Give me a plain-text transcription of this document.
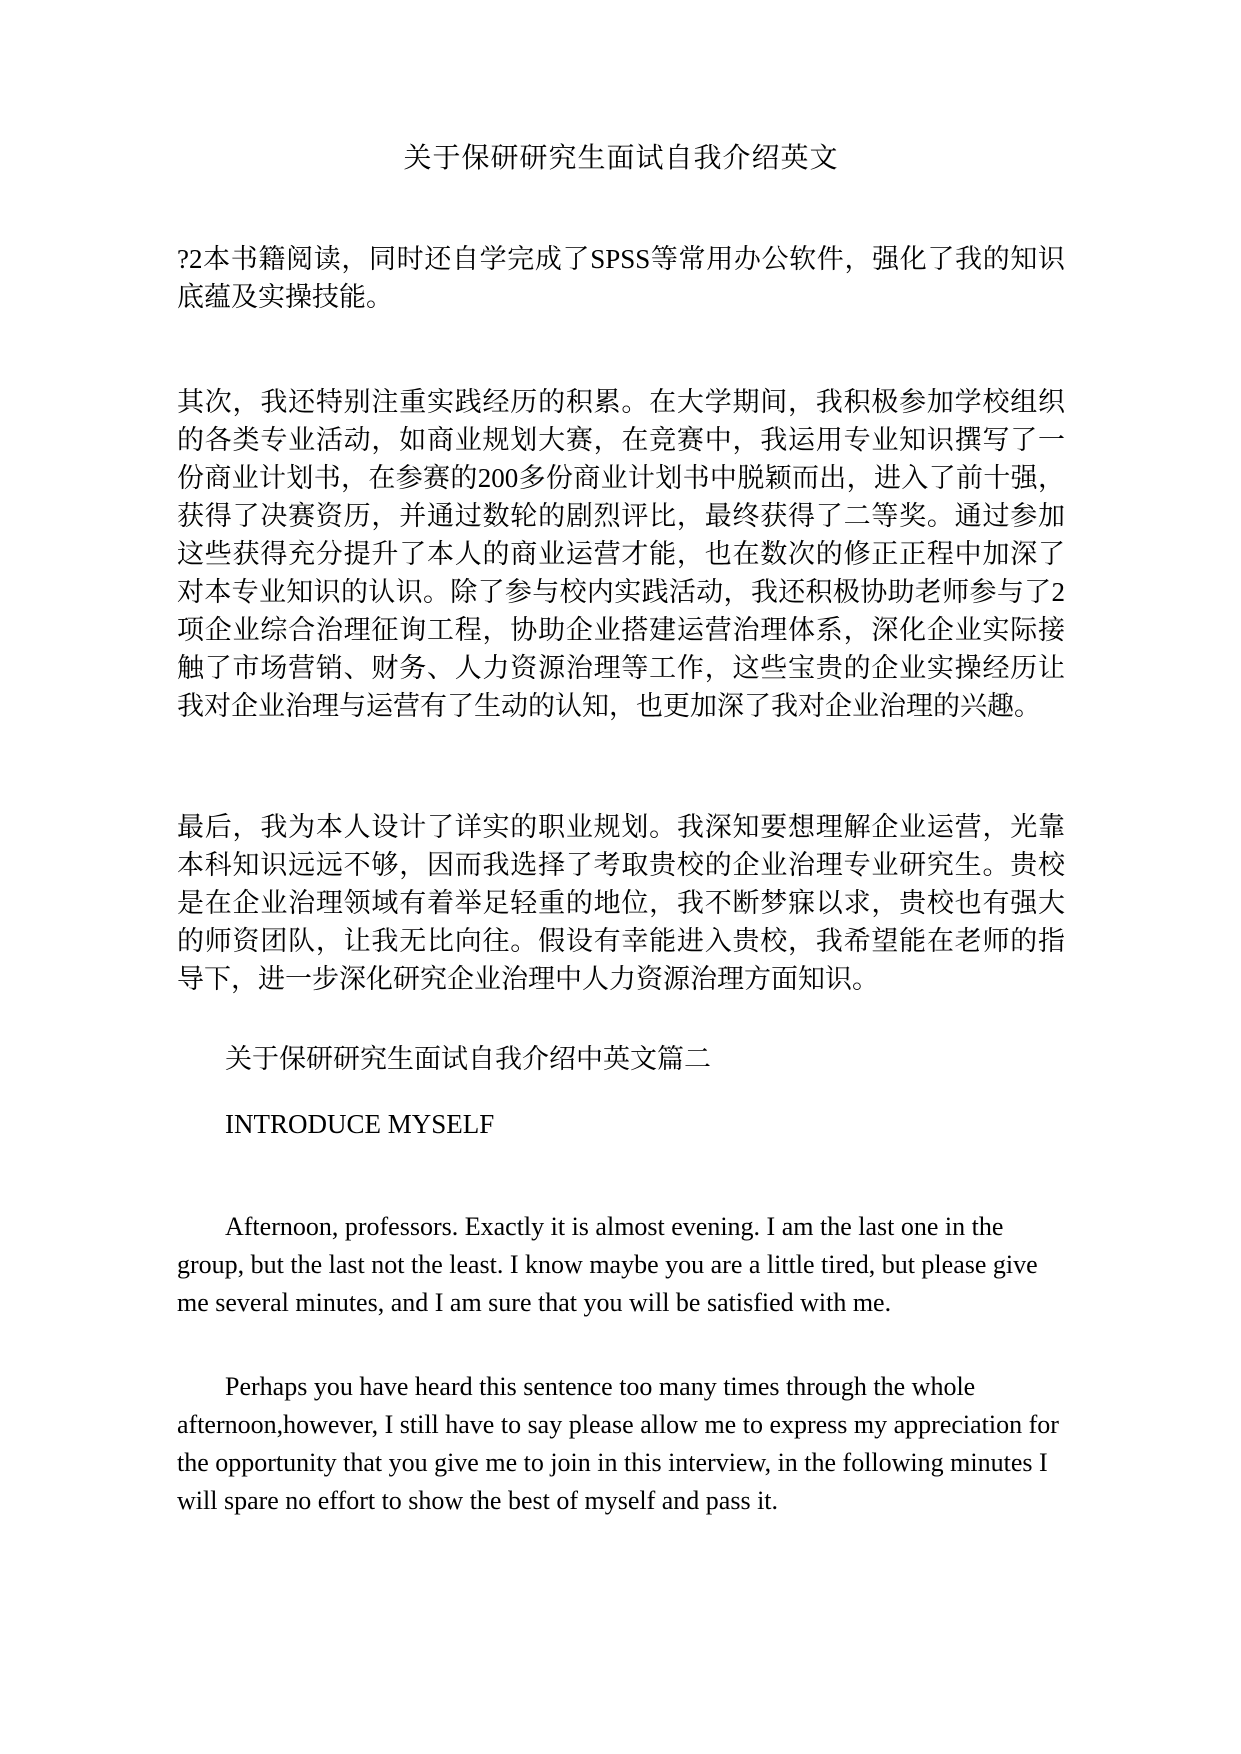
关于保研研究生面试自我介绍英文

?2本书籍阅读，同时还自学完成了SPSS等常用办公软件，强化了我的知识底蕴及实操技能。

其次，我还特别注重实践经历的积累。在大学期间，我积极参加学校组织的各类专业活动，如商业规划大赛，在竞赛中，我运用专业知识撰写了一份商业计划书，在参赛的200多份商业计划书中脱颖而出，进入了前十强，获得了决赛资历，并通过数轮的剧烈评比，最终获得了二等奖。通过参加这些获得充分提升了本人的商业运营才能，也在数次的修正正程中加深了对本专业知识的认识。除了参与校内实践活动，我还积极协助老师参与了2项企业综合治理征询工程，协助企业搭建运营治理体系，深化企业实际接触了市场营销、财务、人力资源治理等工作，这些宝贵的企业实操经历让我对企业治理与运营有了生动的认知，也更加深了我对企业治理的兴趣。

最后，我为本人设计了详实的职业规划。我深知要想理解企业运营，光靠本科知识远远不够，因而我选择了考取贵校的企业治理专业研究生。贵校是在企业治理领域有着举足轻重的地位，我不断梦寐以求，贵校也有强大的师资团队，让我无比向往。假设有幸能进入贵校，我希望能在老师的指导下，进一步深化研究企业治理中人力资源治理方面知识。

关于保研研究生面试自我介绍中英文篇二

INTRODUCE MYSELF

Afternoon, professors. Exactly it is almost evening. I am the last one in the group, but the last not the least. I know maybe you are a little tired, but please give me several minutes, and I am sure that you will be satisfied with me.

Perhaps you have heard this sentence too many times through the whole afternoon,however, I still have to say please allow me to express my appreciation for the opportunity that you give me to join in this interview, in the following minutes I will spare no effort to show the best of myself and pass it.
